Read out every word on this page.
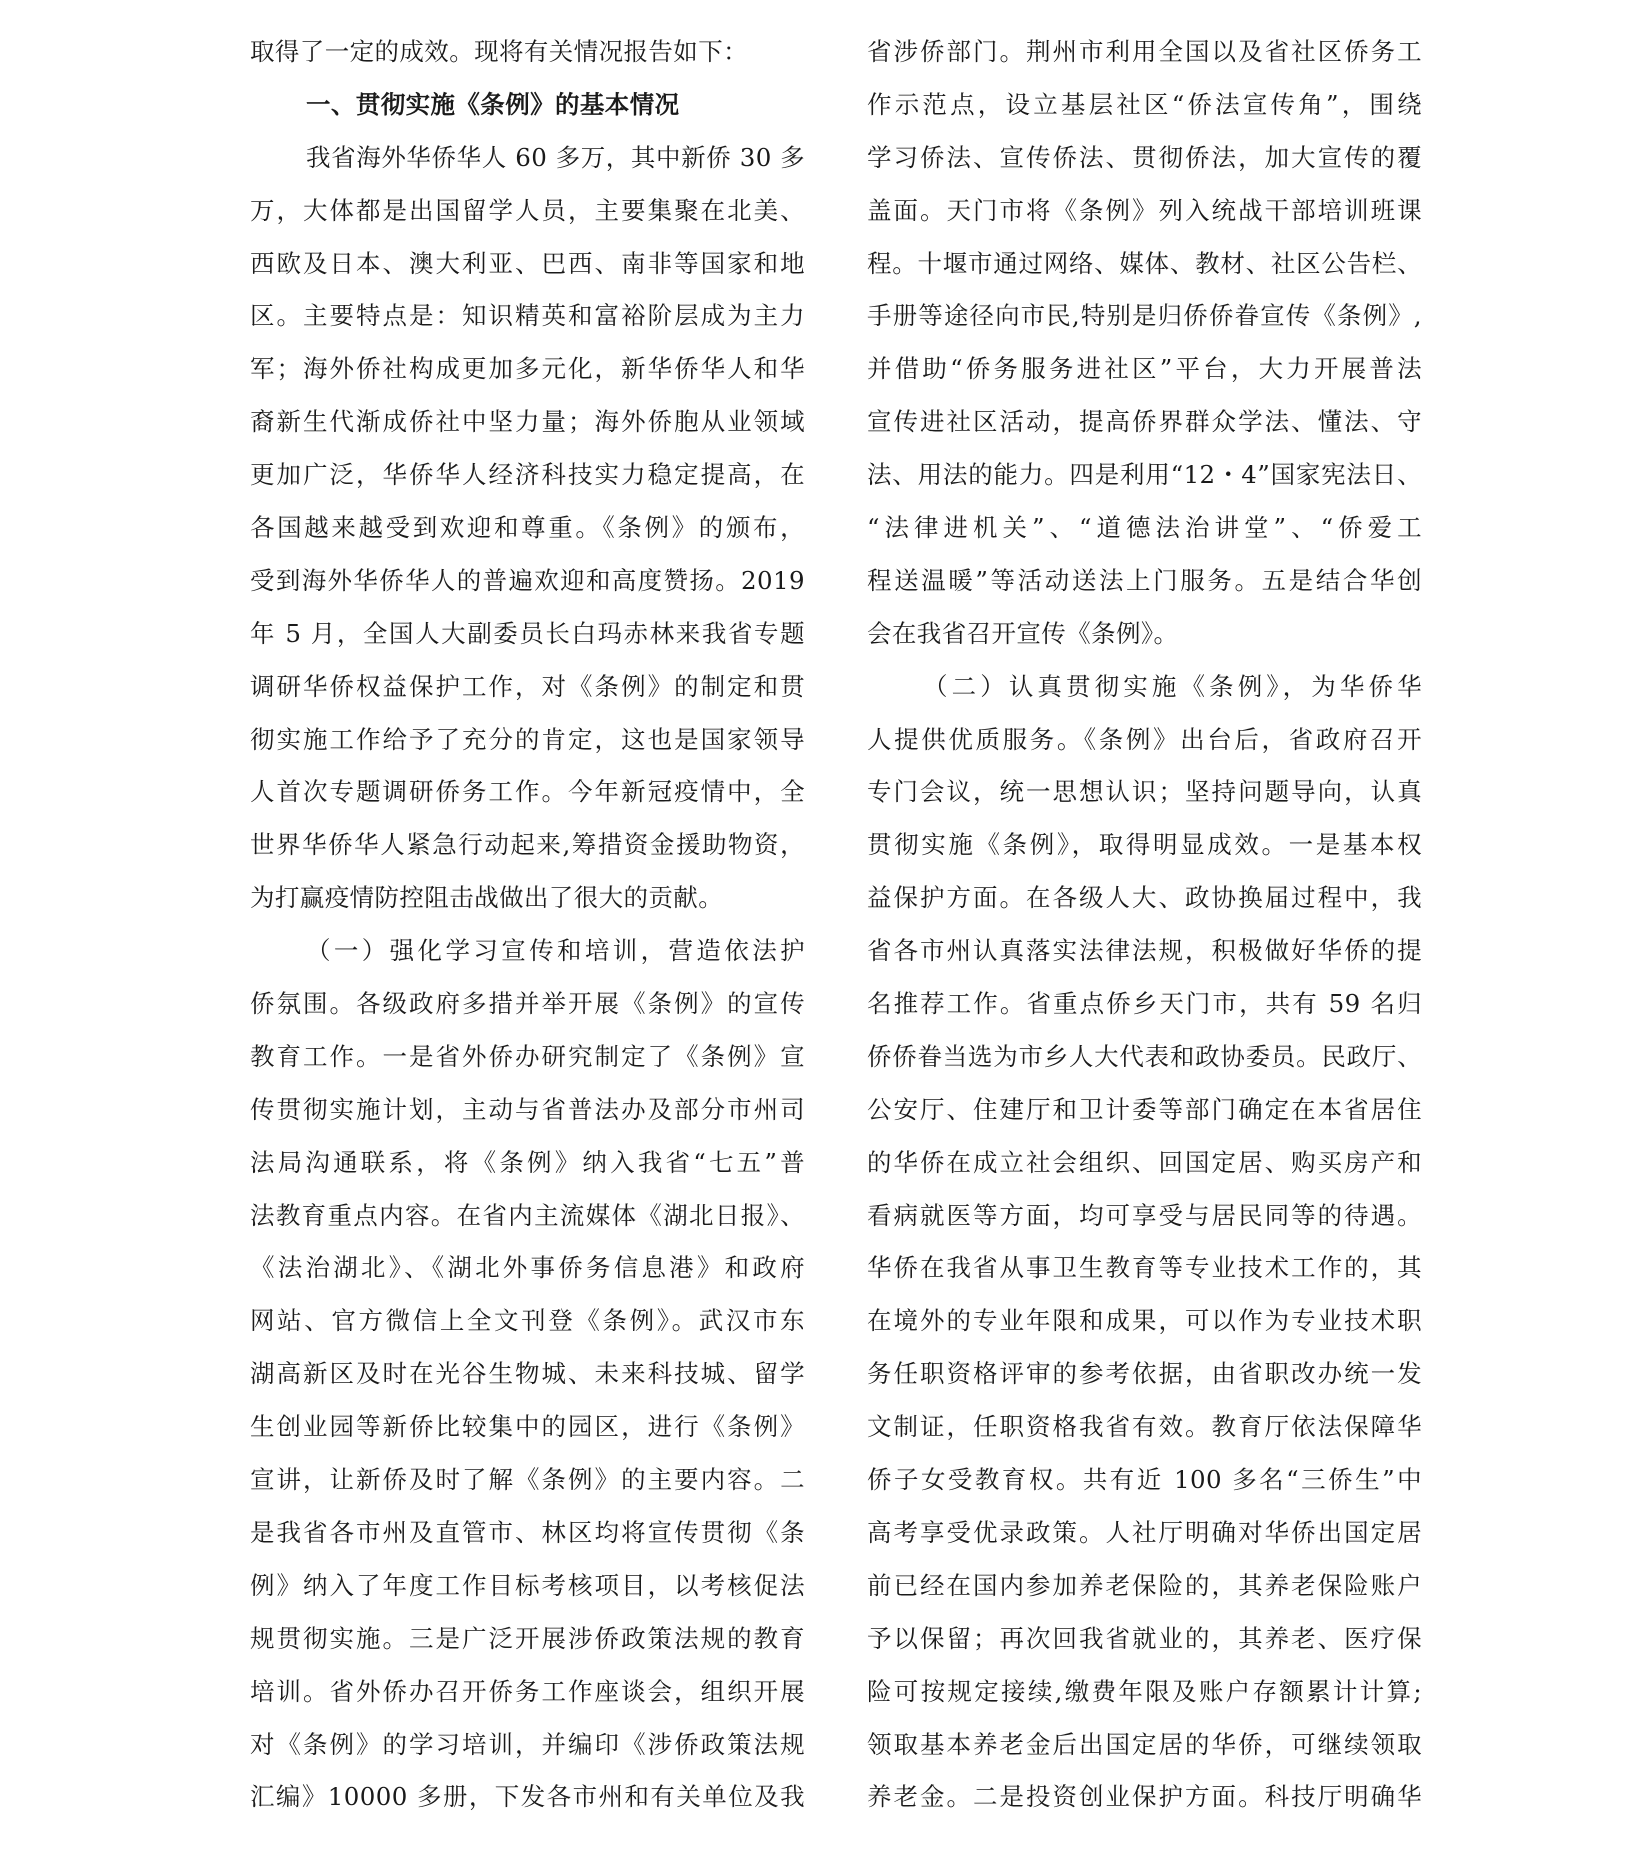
取得了一定的成效。现将有关情况报告如下：
一、贯彻实施《条例》的基本情况
我省海外华侨华人 60 多万，其中新侨 30 多
万，大体都是出国留学人员，主要集聚在北美、
西欧及日本、澳大利亚、巴西、南非等国家和地
区。主要特点是：知识精英和富裕阶层成为主力
军；海外侨社构成更加多元化，新华侨华人和华
裔新生代渐成侨社中坚力量；海外侨胞从业领域
更加广泛，华侨华人经济科技实力稳定提高，在
各国越来越受到欢迎和尊重。《条例》的颁布，
受到海外华侨华人的普遍欢迎和高度赞扬。2019
年 5 月，全国人大副委员长白玛赤林来我省专题
调研华侨权益保护工作，对《条例》的制定和贯
彻实施工作给予了充分的肯定，这也是国家领导
人首次专题调研侨务工作。今年新冠疫情中，全
世界华侨华人紧急行动起来,筹措资金援助物资，
为打赢疫情防控阻击战做出了很大的贡献。
（一）强化学习宣传和培训，营造依法护
侨氛围。各级政府多措并举开展《条例》的宣传
教育工作。一是省外侨办研究制定了《条例》宣
传贯彻实施计划，主动与省普法办及部分市州司
法局沟通联系，将《条例》纳入我省“七五”普
法教育重点内容。在省内主流媒体《湖北日报》、
《法治湖北》、《湖北外事侨务信息港》和政府
网站、官方微信上全文刊登《条例》。武汉市东
湖高新区及时在光谷生物城、未来科技城、留学
生创业园等新侨比较集中的园区，进行《条例》
宣讲，让新侨及时了解《条例》的主要内容。二
是我省各市州及直管市、林区均将宣传贯彻《条
例》纳入了年度工作目标考核项目，以考核促法
规贯彻实施。三是广泛开展涉侨政策法规的教育
培训。省外侨办召开侨务工作座谈会，组织开展
对《条例》的学习培训，并编印《涉侨政策法规
汇编》10000 多册，下发各市州和有关单位及我
省涉侨部门。荆州市利用全国以及省社区侨务工
作示范点，设立基层社区“侨法宣传角”，围绕
学习侨法、宣传侨法、贯彻侨法，加大宣传的覆
盖面。天门市将《条例》列入统战干部培训班课
程。十堰市通过网络、媒体、教材、社区公告栏、
手册等途径向市民,特别是归侨侨眷宣传《条例》,
并借助“侨务服务进社区”平台，大力开展普法
宣传进社区活动，提高侨界群众学法、懂法、守
法、用法的能力。四是利用“12・4”国家宪法日、
“法律进机关”、“道德法治讲堂”、“侨爱工
程送温暖”等活动送法上门服务。五是结合华创
会在我省召开宣传《条例》。
（二）认真贯彻实施《条例》，为华侨华
人提供优质服务。《条例》出台后，省政府召开
专门会议，统一思想认识；坚持问题导向，认真
贯彻实施《条例》，取得明显成效。一是基本权
益保护方面。在各级人大、政协换届过程中，我
省各市州认真落实法律法规，积极做好华侨的提
名推荐工作。省重点侨乡天门市，共有 59 名归
侨侨眷当选为市乡人大代表和政协委员。民政厅、
公安厅、住建厅和卫计委等部门确定在本省居住
的华侨在成立社会组织、回国定居、购买房产和
看病就医等方面，均可享受与居民同等的待遇。
华侨在我省从事卫生教育等专业技术工作的，其
在境外的专业年限和成果，可以作为专业技术职
务任职资格评审的参考依据，由省职改办统一发
文制证，任职资格我省有效。教育厅依法保障华
侨子女受教育权。共有近 100 多名“三侨生”中
高考享受优录政策。人社厅明确对华侨出国定居
前已经在国内参加养老保险的，其养老保险账户
予以保留；再次回我省就业的，其养老、医疗保
险可按规定接续,缴费年限及账户存额累计计算;
领取基本养老金后出国定居的华侨，可继续领取
养老金。二是投资创业保护方面。科技厅明确华
